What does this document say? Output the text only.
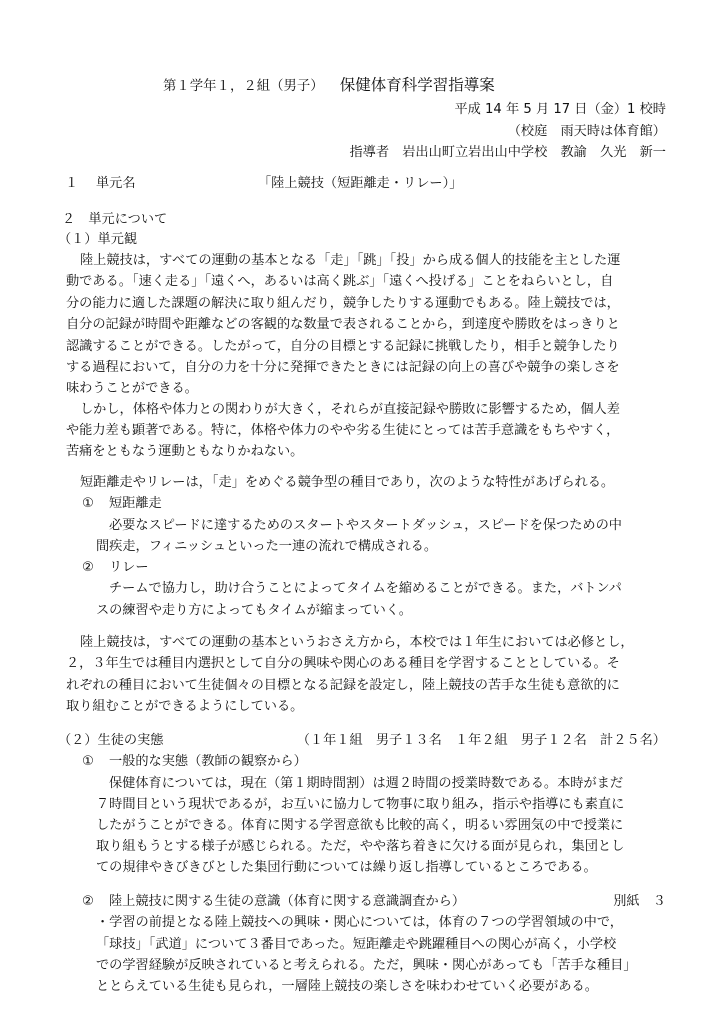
第１学年１，２組（男子） 保健体育科学習指導案
平成 14 年 5 月 17 日（金）1 校時
（校庭　雨天時は体育館）
指導者　岩出山町立岩出山中学校　教諭　久光　新一
１ 単元名	「陸上競技（短距離走・リレー）」
２　単元について
（１）単元観
陸上競技は，すべての運動の基本となる「走」「跳」「投」から成る個人的技能を主とした運
動である。「速く走る」「遠くへ，あるいは高く跳ぶ」「遠くへ投げる」ことをねらいとし，自
分の能力に適した課題の解決に取り組んだり，競争したりする運動でもある。陸上競技では，
自分の記録が時間や距離などの客観的な数量で表されることから，到達度や勝敗をはっきりと
認識することができる。したがって，自分の目標とする記録に挑戦したり，相手と競争したり
する過程において，自分の力を十分に発揮できたときには記録の向上の喜びや競争の楽しさを
味わうことができる。
しかし，体格や体力との関わりが大きく，それらが直接記録や勝敗に影響するため，個人差
や能力差も顕著である。特に，体格や体力のやや劣る生徒にとっては苦手意識をもちやすく，
苦痛をともなう運動ともなりかねない。
短距離走やリレーは，「走」をめぐる競争型の種目であり，次のような特性があげられる。
① 短距離走
必要なスピードに達するためのスタートやスタートダッシュ，スピードを保つための中
間疾走，フィニッシュといった一連の流れで構成される。
② リレー
チームで協力し，助け合うことによってタイムを縮めることができる。また，バトンパ
スの練習や走り方によってもタイムが縮まっていく。
陸上競技は，すべての運動の基本というおさえ方から，本校では１年生においては必修とし，
２，３年生では種目内選択として自分の興味や関心のある種目を学習することとしている。そ
れぞれの種目において生徒個々の目標となる記録を設定し，陸上競技の苦手な生徒も意欲的に
取り組むことができるようにしている。
（２）生徒の実態	（１年１組　男子１３名　１年２組　男子１２名　計２５名）
① 一般的な実態（教師の観察から）
保健体育については，現在（第１期時間割）は週２時間の授業時数である。本時がまだ
７時間目という現状であるが，お互いに協力して物事に取り組み，指示や指導にも素直に
したがうことができる。体育に関する学習意欲も比較的高く，明るい雰囲気の中で授業に
取り組もうとする様子が感じられる。ただ，やや落ち着きに欠ける面が見られ，集団とし
ての規律やきびきびとした集団行動については繰り返し指導しているところである。
② 陸上競技に関する生徒の意識（体育に関する意識調査から）	別紙　３
・学習の前提となる陸上競技への興味・関心については，体育の７つの学習領域の中で，
「球技」「武道」について３番目であった。短距離走や跳躍種目への関心が高く，小学校
での学習経験が反映されていると考えられる。ただ，興味・関心があっても「苦手な種目」
ととらえている生徒も見られ，一層陸上競技の楽しさを味わわせていく必要がある。
